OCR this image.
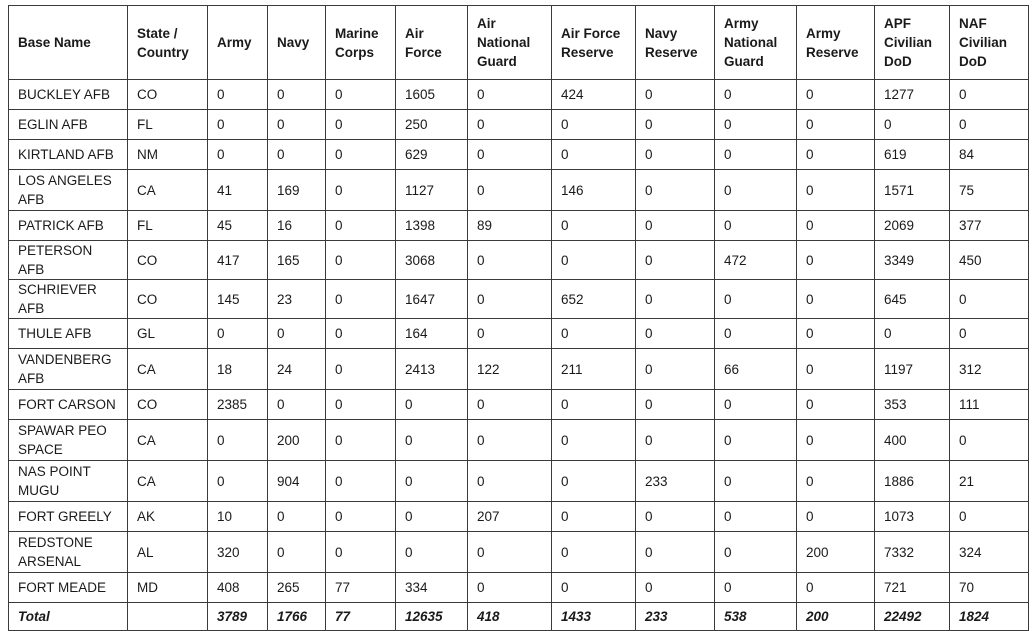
Base Name	State / Country	Army	Navy	Marine Corps	Air Force	Air National Guard	Air Force Reserve	Navy Reserve	Army National Guard	Army Reserve	APF Civilian DoD	NAF Civilian DoD
BUCKLEY AFB	CO	0	0	0	1605	0	424	0	0	0	1277	0
EGLIN AFB	FL	0	0	0	250	0	0	0	0	0	0	0
KIRTLAND AFB	NM	0	0	0	629	0	0	0	0	0	619	84
LOS ANGELES AFB	CA	41	169	0	1127	0	146	0	0	0	1571	75
PATRICK AFB	FL	45	16	0	1398	89	0	0	0	0	2069	377
PETERSON AFB	CO	417	165	0	3068	0	0	0	472	0	3349	450
SCHRIEVER AFB	CO	145	23	0	1647	0	652	0	0	0	645	0
THULE AFB	GL	0	0	0	164	0	0	0	0	0	0	0
VANDENBERG AFB	CA	18	24	0	2413	122	211	0	66	0	1197	312
FORT CARSON	CO	2385	0	0	0	0	0	0	0	0	353	111
SPAWAR PEO SPACE	CA	0	200	0	0	0	0	0	0	0	400	0
NAS POINT MUGU	CA	0	904	0	0	0	0	233	0	0	1886	21
FORT GREELY	AK	10	0	0	0	207	0	0	0	0	1073	0
REDSTONE ARSENAL	AL	320	0	0	0	0	0	0	0	200	7332	324
FORT MEADE	MD	408	265	77	334	0	0	0	0	0	721	70
Total		3789	1766	77	12635	418	1433	233	538	200	22492	1824
